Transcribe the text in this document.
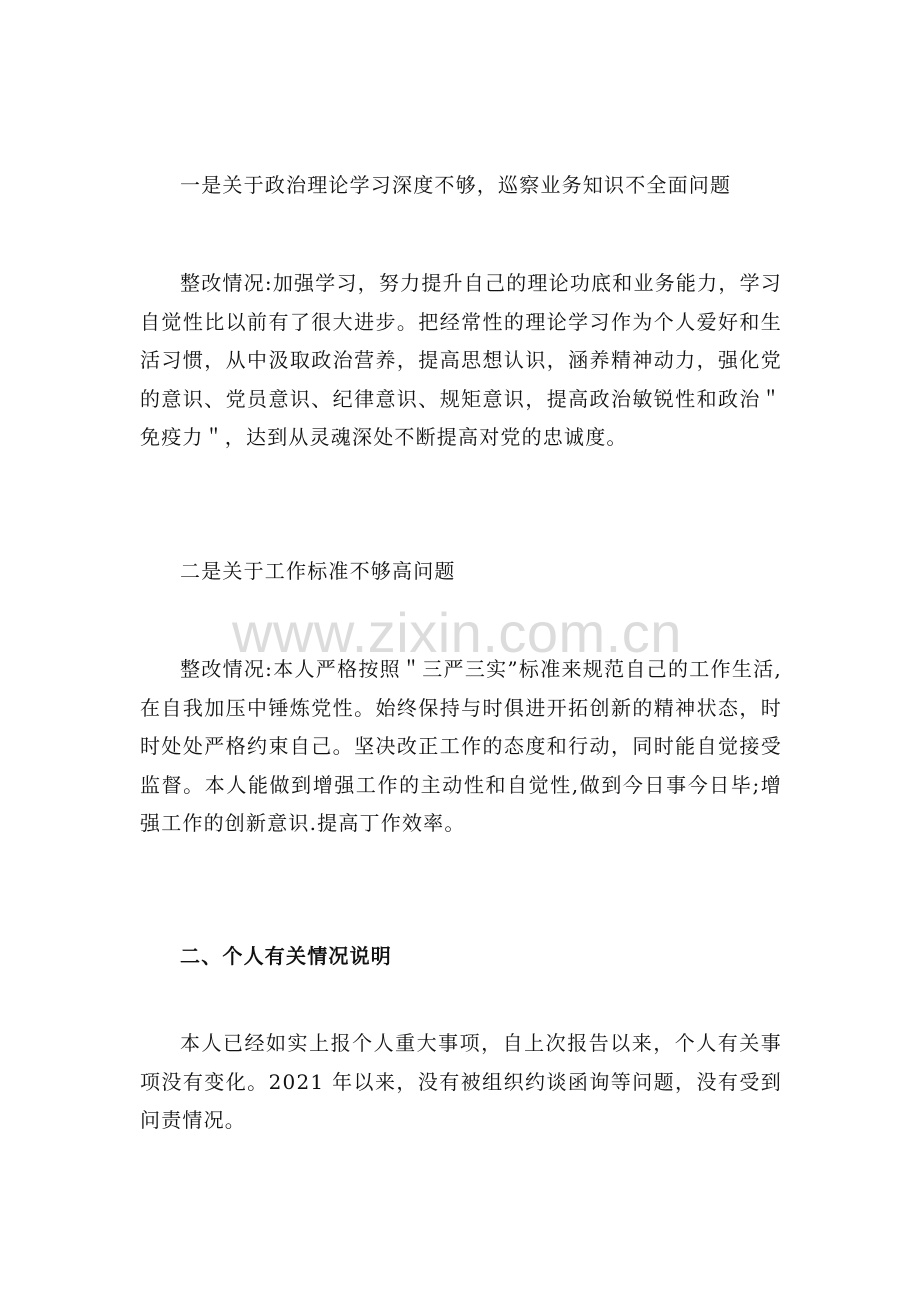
一是关于政治理论学习深度不够，巡察业务知识不全面问题

整改情况:加强学习，努力提升自己的理论功底和业务能力，学习自觉性比以前有了很大进步。把经常性的理论学习作为个人爱好和生活习惯，从中汲取政治营养，提高思想认识，涵养精神动力，强化党的意识、党员意识、纪律意识、规矩意识，提高政治敏锐性和政治＂免疫力＂，达到从灵魂深处不断提高对党的忠诚度。

二是关于工作标准不够高问题

www.zixin.com.cn

整改情况:本人严格按照＂三严三实”标准来规范自己的工作生活,在自我加压中锤炼党性。始终保持与时俱进开拓创新的精神状态，时时处处严格约束自己。坚决改正工作的态度和行动，同时能自觉接受监督。本人能做到增强工作的主动性和自觉性,做到今日事今日毕;增强工作的创新意识.提高丁作效率。

二、个人有关情况说明

本人已经如实上报个人重大事项，自上次报告以来，个人有关事项没有变化。2021 年以来，没有被组织约谈函询等问题，没有受到问责情况。
